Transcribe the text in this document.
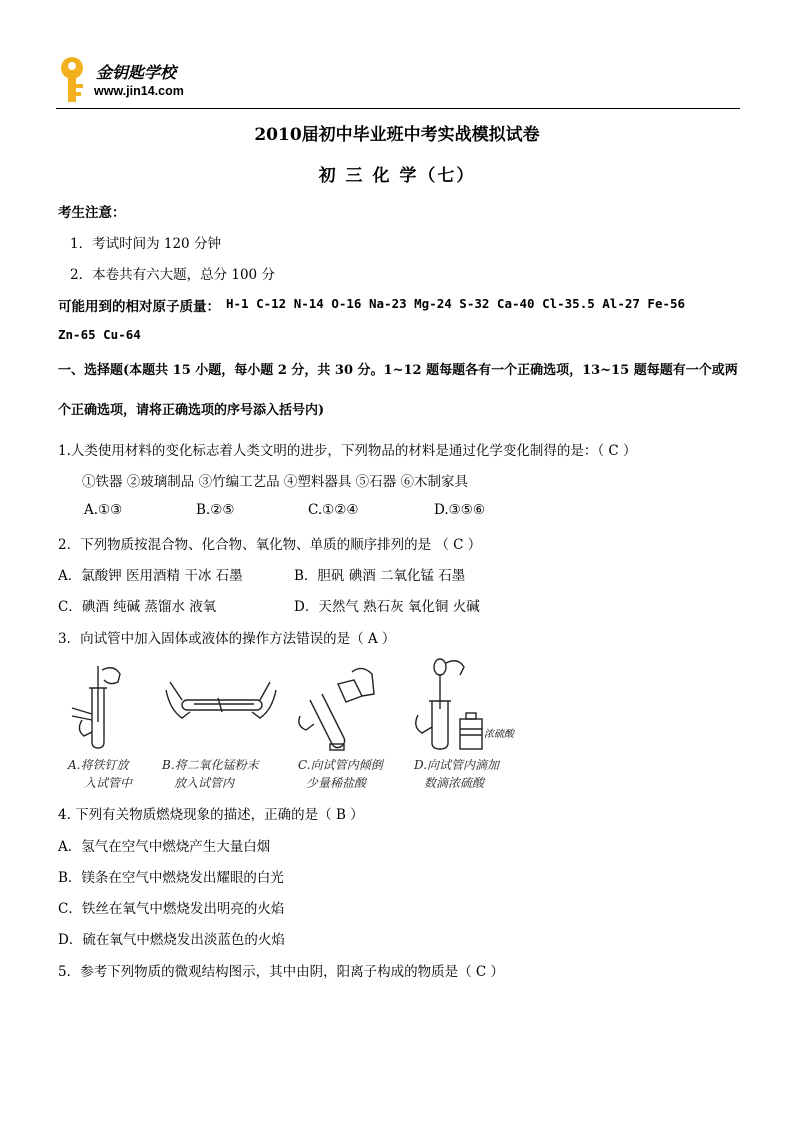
金钥匙学校
www.jin14.com
2010届初中毕业班中考实战模拟试卷
初 三 化 学（七）
考生注意：
1．考试时间为 120 分钟
2．本卷共有六大题，总分 100 分
可能用到的相对原子质量： H-1 C-12 N-14 O-16 Na-23 Mg-24 S-32 Ca-40 Cl-35.5 Al-27 Fe-56
Zn-65 Cu-64
一、选择题(本题共 15 小题，每小题 2 分，共 30 分。1~12 题每题各有一个正确选项，13~15 题每题有一个或两
个正确选项，请将正确选项的序号添入括号内)
1.人类使用材料的变化标志着人类文明的进步，下列物品的材料是通过化学变化制得的是：（ C ）
①铁器 ②玻璃制品 ③竹编工艺品 ④塑料器具 ⑤石器 ⑥木制家具
A.①③	B.②⑤	C.①②④	D.③⑤⑥
2．下列物质按混合物、化合物、氧化物、单质的顺序排列的是 （ C ）
A．氯酸钾 医用酒精 干冰 石墨	B．胆矾 碘酒 二氧化锰 石墨
C．碘酒 纯碱 蒸馏水 液氧	D．天然气 熟石灰 氧化铜 火碱
3．向试管中加入固体或液体的操作方法错误的是（ A ）
A.将铁钉放
入试管中
B.将二氧化锰粉末
放入试管内
C.向试管内倾倒
少量稀盐酸
浓硫酸
D.向试管内滴加
数滴浓硫酸
4. 下列有关物质燃烧现象的描述，正确的是（ B ）
A．氢气在空气中燃烧产生大量白烟
B．镁条在空气中燃烧发出耀眼的白光
C．铁丝在氧气中燃烧发出明亮的火焰
D．硫在氧气中燃烧发出淡蓝色的火焰
5．参考下列物质的微观结构图示，其中由阴，阳离子构成的物质是（ C ）
